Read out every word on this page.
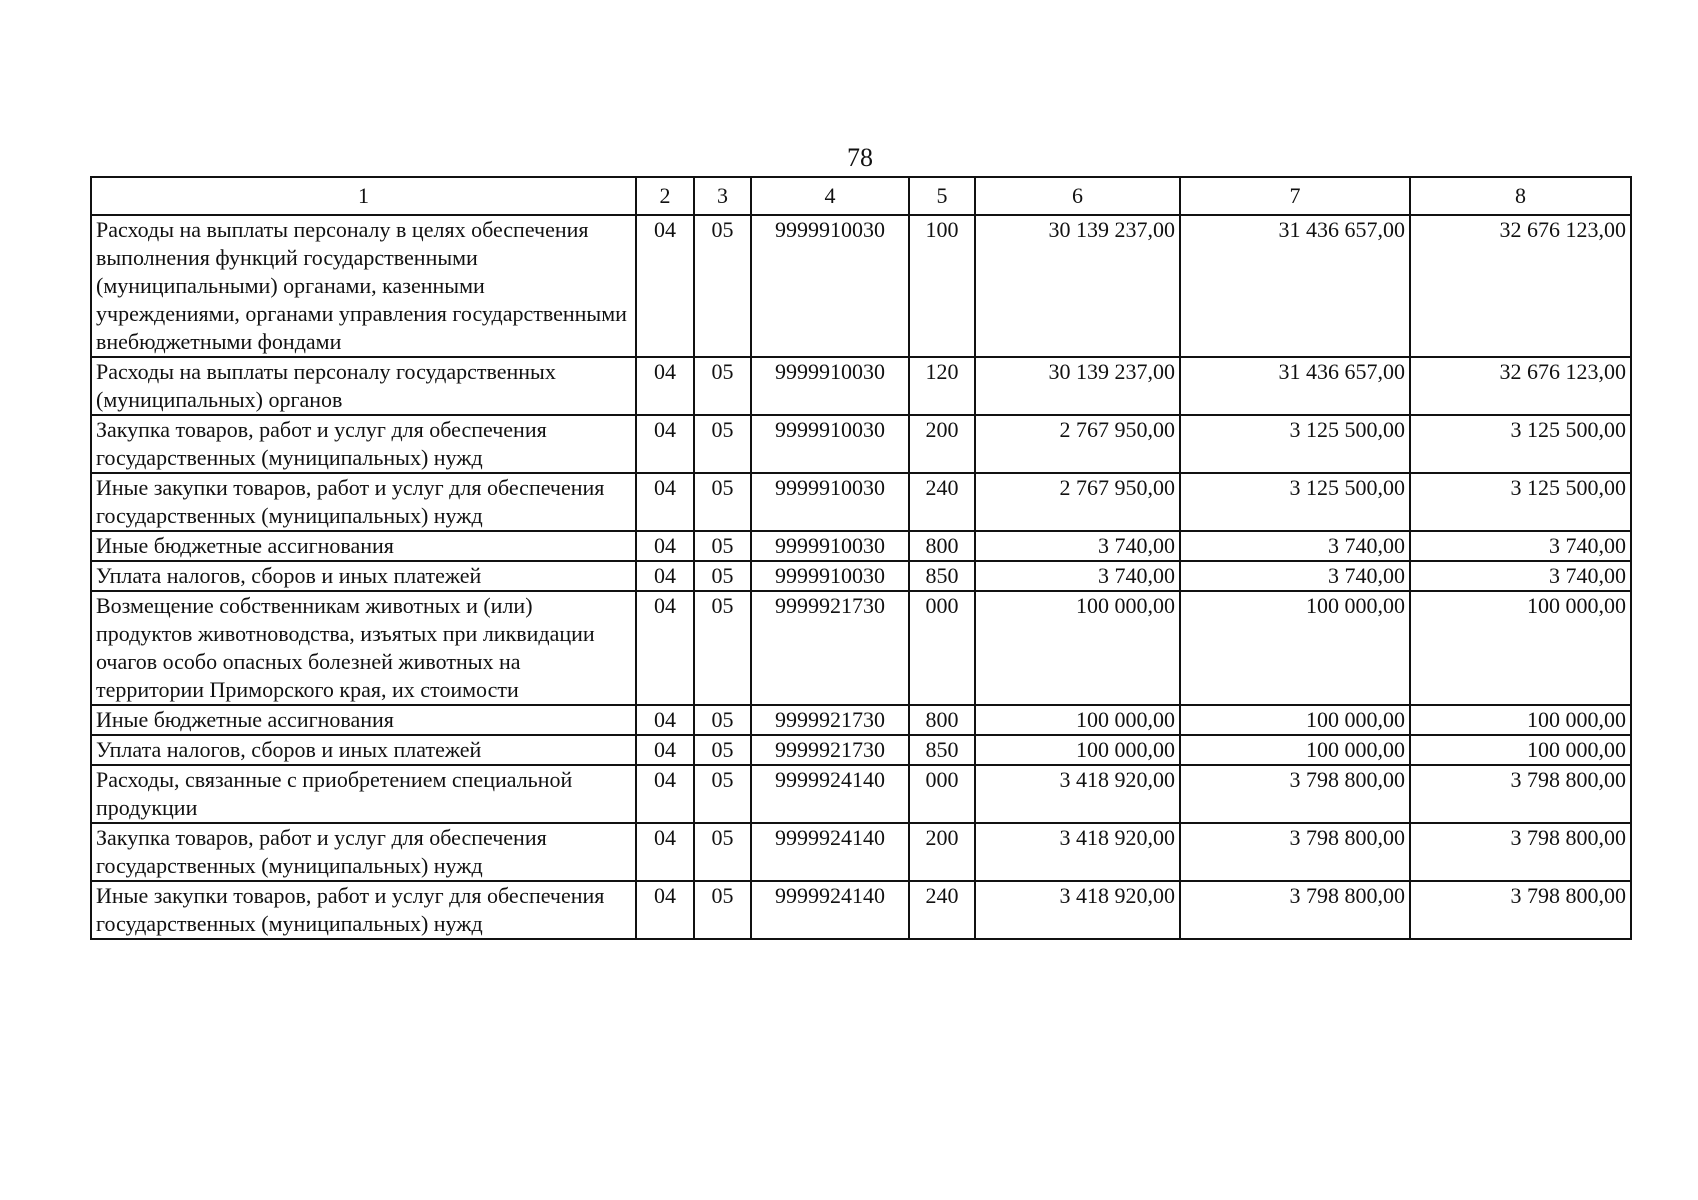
78
1	2	3	4	5	6	7	8
Расходы на выплаты персоналу в целях обеспечения выполнения функций государственными (муниципальными) органами, казенными учреждениями, органами управления государственными внебюджетными фондами	04	05	9999910030	100	30 139 237,00	31 436 657,00	32 676 123,00
Расходы на выплаты персоналу государственных (муниципальных) органов	04	05	9999910030	120	30 139 237,00	31 436 657,00	32 676 123,00
Закупка товаров, работ и услуг для обеспечения государственных (муниципальных) нужд	04	05	9999910030	200	2 767 950,00	3 125 500,00	3 125 500,00
Иные закупки товаров, работ и услуг для обеспечения государственных (муниципальных) нужд	04	05	9999910030	240	2 767 950,00	3 125 500,00	3 125 500,00
Иные бюджетные ассигнования	04	05	9999910030	800	3 740,00	3 740,00	3 740,00
Уплата налогов, сборов и иных платежей	04	05	9999910030	850	3 740,00	3 740,00	3 740,00
Возмещение собственникам животных и (или) продуктов животноводства, изъятых при ликвидации очагов особо опасных болезней животных на территории Приморского края, их стоимости	04	05	9999921730	000	100 000,00	100 000,00	100 000,00
Иные бюджетные ассигнования	04	05	9999921730	800	100 000,00	100 000,00	100 000,00
Уплата налогов, сборов и иных платежей	04	05	9999921730	850	100 000,00	100 000,00	100 000,00
Расходы, связанные с приобретением специальной продукции	04	05	9999924140	000	3 418 920,00	3 798 800,00	3 798 800,00
Закупка товаров, работ и услуг для обеспечения государственных (муниципальных) нужд	04	05	9999924140	200	3 418 920,00	3 798 800,00	3 798 800,00
Иные закупки товаров, работ и услуг для обеспечения государственных (муниципальных) нужд	04	05	9999924140	240	3 418 920,00	3 798 800,00	3 798 800,00
